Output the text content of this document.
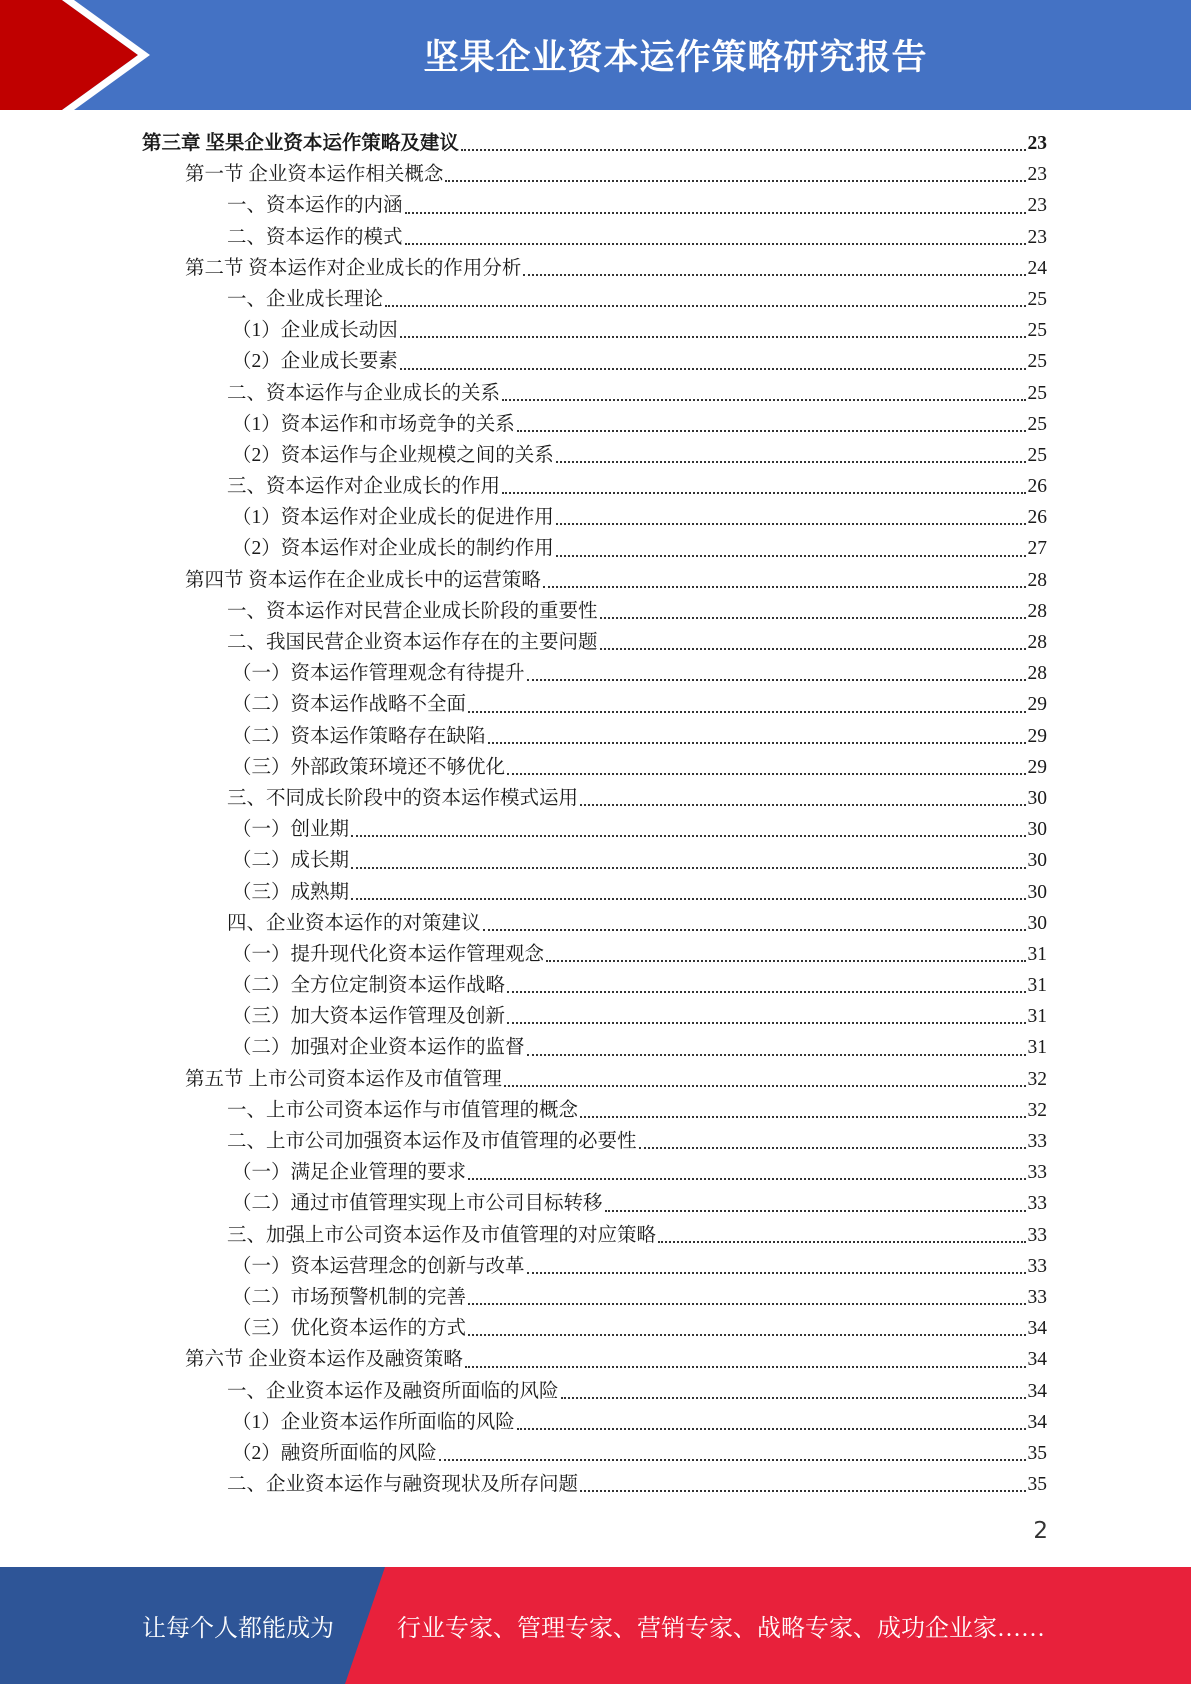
坚果企业资本运作策略研究报告
第三章 坚果企业资本运作策略及建议	23
第一节 企业资本运作相关概念	23
一、资本运作的内涵	23
二、资本运作的模式	23
第二节 资本运作对企业成长的作用分析	24
一、企业成长理论	25
（1）企业成长动因	25
（2）企业成长要素	25
二、资本运作与企业成长的关系	25
（1）资本运作和市场竞争的关系	25
（2）资本运作与企业规模之间的关系	25
三、资本运作对企业成长的作用	26
（1）资本运作对企业成长的促进作用	26
（2）资本运作对企业成长的制约作用	27
第四节 资本运作在企业成长中的运营策略	28
一、资本运作对民营企业成长阶段的重要性	28
二、我国民营企业资本运作存在的主要问题	28
（一）资本运作管理观念有待提升	28
（二）资本运作战略不全面	29
（二）资本运作策略存在缺陷	29
（三）外部政策环境还不够优化	29
三、不同成长阶段中的资本运作模式运用	30
（一）创业期	30
（二）成长期	30
（三）成熟期	30
四、企业资本运作的对策建议	30
（一）提升现代化资本运作管理观念	31
（二）全方位定制资本运作战略	31
（三）加大资本运作管理及创新	31
（二）加强对企业资本运作的监督	31
第五节 上市公司资本运作及市值管理	32
一、上市公司资本运作与市值管理的概念	32
二、上市公司加强资本运作及市值管理的必要性	33
（一）满足企业管理的要求	33
（二）通过市值管理实现上市公司目标转移	33
三、加强上市公司资本运作及市值管理的对应策略	33
（一）资本运营理念的创新与改革	33
（二）市场预警机制的完善	33
（三）优化资本运作的方式	34
第六节 企业资本运作及融资策略	34
一、企业资本运作及融资所面临的风险	34
（1）企业资本运作所面临的风险	34
（2）融资所面临的风险	35
二、企业资本运作与融资现状及所存问题	35
2
让每个人都能成为	行业专家、管理专家、营销专家、战略专家、成功企业家……
